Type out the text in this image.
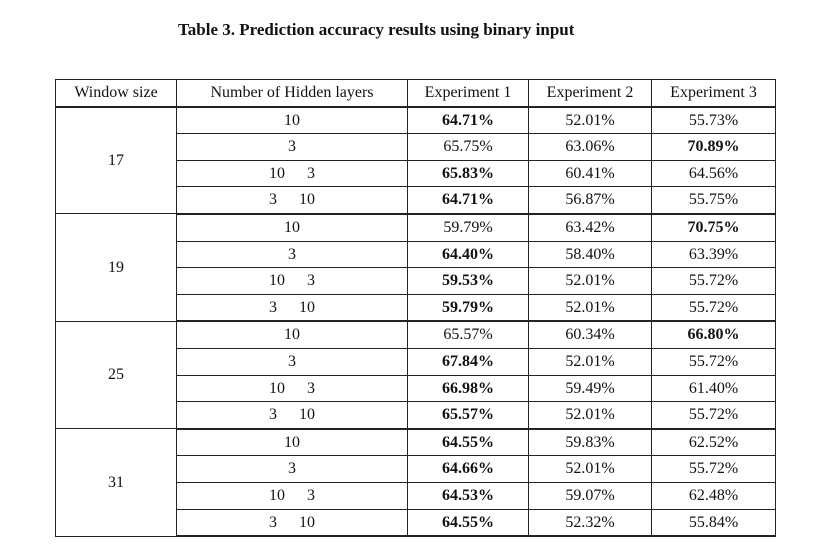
Table 3. Prediction accuracy results using binary input
Window size	Number of Hidden layers	Experiment 1	Experiment 2	Experiment 3
17	10	64.71%	52.01%	55.73%
	3	65.75%	63.06%	70.89%
	10 3	65.83%	60.41%	64.56%
	3 10	64.71%	56.87%	55.75%
19	10	59.79%	63.42%	70.75%
	3	64.40%	58.40%	63.39%
	10 3	59.53%	52.01%	55.72%
	3 10	59.79%	52.01%	55.72%
25	10	65.57%	60.34%	66.80%
	3	67.84%	52.01%	55.72%
	10 3	66.98%	59.49%	61.40%
	3 10	65.57%	52.01%	55.72%
31	10	64.55%	59.83%	62.52%
	3	64.66%	52.01%	55.72%
	10 3	64.53%	59.07%	62.48%
	3 10	64.55%	52.32%	55.84%
